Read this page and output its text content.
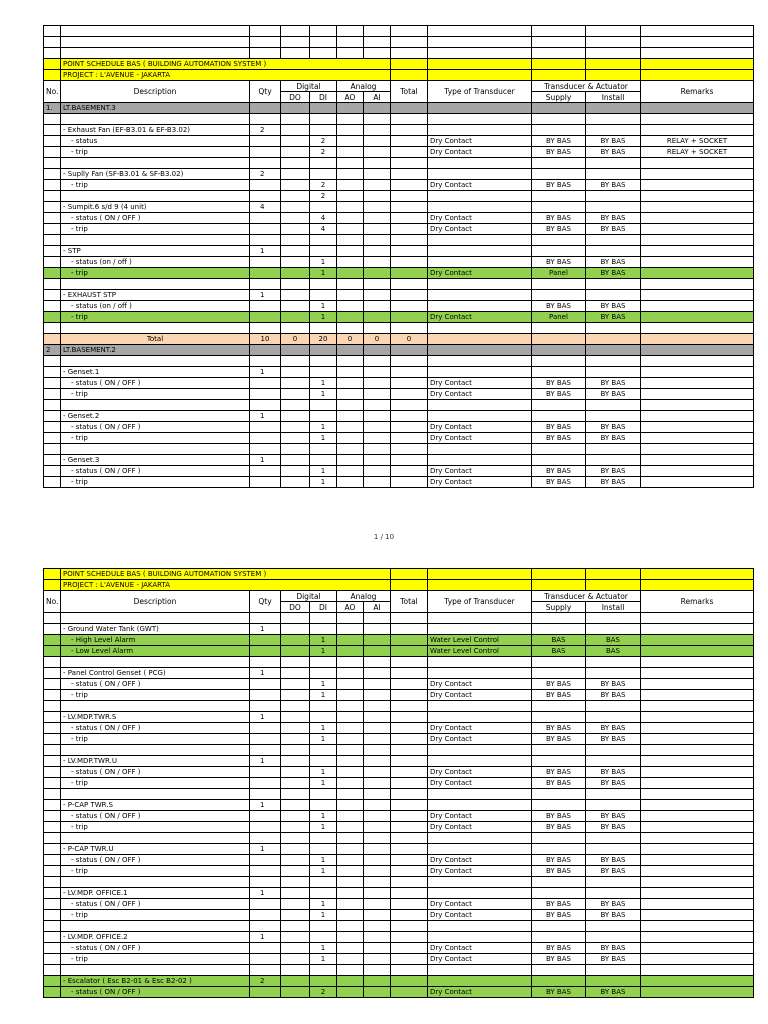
	POINT SCHEDULE BAS ( BUILDING AUTOMATION SYSTEM )										
	PROJECT : L'AVENUE - JAKARTA										
No.	Description	Qty	Digital		Analog		Total	Type of Transducer	Transducer & Actuator		Remarks
			DO	DI	AO	AI			Supply	Install	
1.	LT.BASEMENT.3										

	- Exhaust Fan (EF-B3.01 & EF-B3.02)	2									
	- status			2				Dry Contact	BY BAS	BY BAS	RELAY + SOCKET
	- trip			2				Dry Contact	BY BAS	BY BAS	RELAY + SOCKET

	- Suplly Fan (SF-B3.01 & SF-B3.02)	2									
	- trip			2				Dry Contact	BY BAS	BY BAS	
				2							
	- Sumpit.6 s/d 9 (4 unit)	4									
	- status ( ON / OFF )			4				Dry Contact	BY BAS	BY BAS	
	- trip			4				Dry Contact	BY BAS	BY BAS	

	- STP	1									
	- status (on / off )			1					BY BAS	BY BAS	
	- trip			1				Dry Contact	Panel	BY BAS	

	- EXHAUST STP	1									
	- status (on / off )			1					BY BAS	BY BAS	
	- trip			1				Dry Contact	Panel	BY BAS	

	Total	10	0	20	0	0	0				
2	LT.BASEMENT.2										

	- Genset.1	1									
	- status ( ON / OFF )			1				Dry Contact	BY BAS	BY BAS	
	- trip			1				Dry Contact	BY BAS	BY BAS	

	- Genset.2	1									
	- status ( ON / OFF )			1				Dry Contact	BY BAS	BY BAS	
	- trip			1				Dry Contact	BY BAS	BY BAS	

	- Genset.3	1									
	- status ( ON / OFF )			1				Dry Contact	BY BAS	BY BAS	
	- trip			1				Dry Contact	BY BAS	BY BAS	
1 / 10
	POINT SCHEDULE BAS ( BUILDING AUTOMATION SYSTEM )										
	PROJECT : L'AVENUE - JAKARTA										
No.	Description	Qty	Digital		Analog		Total	Type of Transducer	Transducer & Actuator		Remarks
			DO	DI	AO	AI			Supply	Install	

	- Ground Water Tank (GWT)	1									
	- High Level Alarm			1				Water Level Control	BAS	BAS	
	- Low Level Alarm			1				Water Level Control	BAS	BAS	

	- Panel Control Genset ( PCG)	1									
	- status ( ON / OFF )			1				Dry Contact	BY BAS	BY BAS	
	- trip			1				Dry Contact	BY BAS	BY BAS	

	- LV.MDP.TWR.S	1									
	- status ( ON / OFF )			1				Dry Contact	BY BAS	BY BAS	
	- trip			1				Dry Contact	BY BAS	BY BAS	

	- LV.MDP.TWR.U	1									
	- status ( ON / OFF )			1				Dry Contact	BY BAS	BY BAS	
	- trip			1				Dry Contact	BY BAS	BY BAS	

	- P-CAP TWR.S	1									
	- status ( ON / OFF )			1				Dry Contact	BY BAS	BY BAS	
	- trip			1				Dry Contact	BY BAS	BY BAS	

	- P-CAP TWR.U	1									
	- status ( ON / OFF )			1				Dry Contact	BY BAS	BY BAS	
	- trip			1				Dry Contact	BY BAS	BY BAS	

	- LV.MDP. OFFICE.1	1									
	- status ( ON / OFF )			1				Dry Contact	BY BAS	BY BAS	
	- trip			1				Dry Contact	BY BAS	BY BAS	

	- LV.MDP. OFFICE.2	1									
	- status ( ON / OFF )			1				Dry Contact	BY BAS	BY BAS	
	- trip			1				Dry Contact	BY BAS	BY BAS	

	- Escalator ( Esc B2-01 & Esc B2-02 )	2									
	- status ( ON / OFF )			2				Dry Contact	BY BAS	BY BAS	
